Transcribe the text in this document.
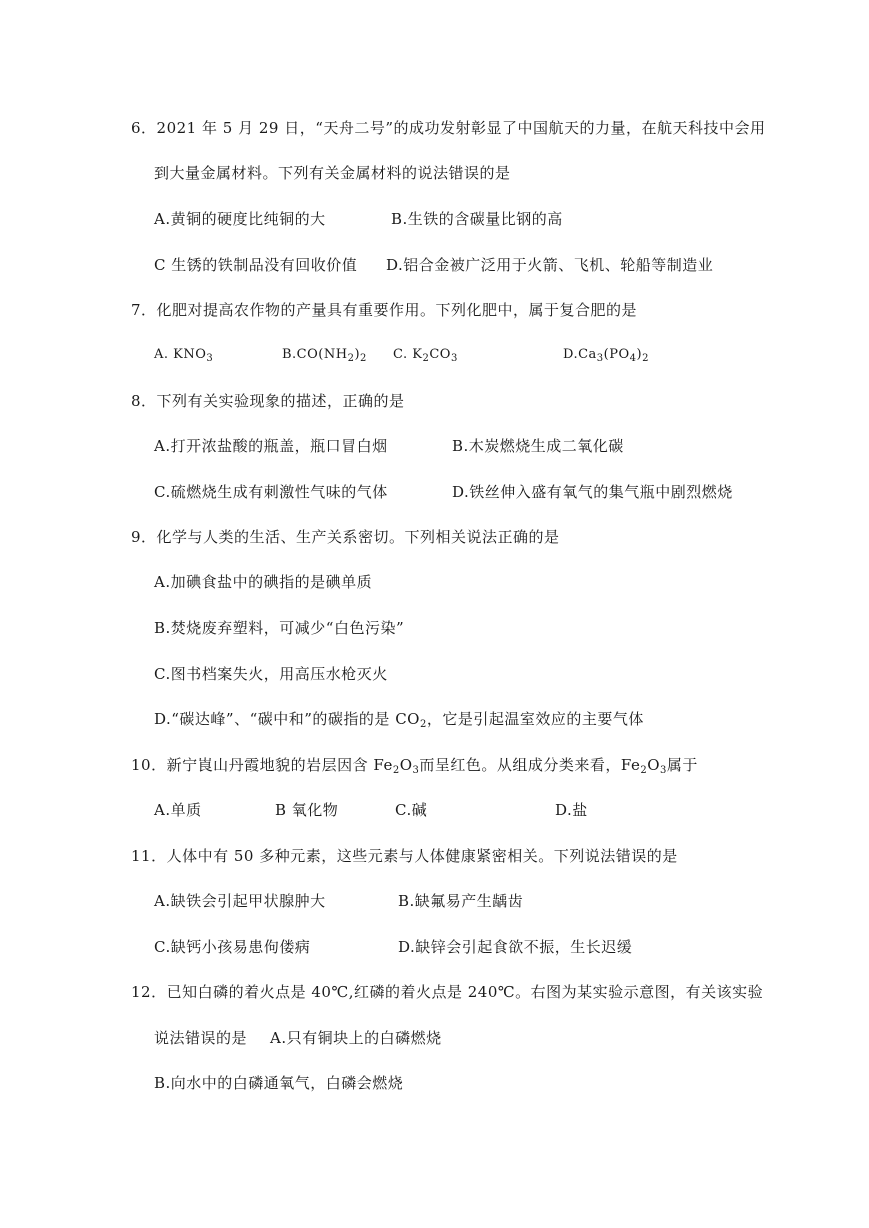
6．2021 年 5 月 29 日，“天舟二号”的成功发射彰显了中国航天的力量，在航天科技中会用
到大量金属材料。下列有关金属材料的说法错误的是
A.黄铜的硬度比纯铜的大	B.生铁的含碳量比钢的高
C 生锈的铁制品没有回收价值 D.铝合金被广泛用于火箭、飞机、轮船等制造业
7．化肥对提高农作物的产量具有重要作用。下列化肥中，属于复合肥的是
A. $KNO_3$	$B.CO(NH_2)_2$ C. $K_2CO_3$	$D.Ca_3(PO_4)_2$
8．下列有关实验现象的描述，正确的是
A.打开浓盐酸的瓶盖，瓶口冒白烟	B.木炭燃烧生成二氧化碳
C.硫燃烧生成有刺激性气味的气体	D.铁丝伸入盛有氧气的集气瓶中剧烈燃烧
9．化学与人类的生活、生产关系密切。下列相关说法正确的是
A.加碘食盐中的碘指的是碘单质
B.焚烧废弃塑料，可减少“白色污染”
C.图书档案失火，用高压水枪灭火
D.“碳达峰”、“碳中和”的碳指的是 $CO_2$，它是引起温室效应的主要气体
10．新宁崀山丹霞地貌的岩层因含 $Fe_2O_3$而呈红色。从组成分类来看，$Fe_2O_3$属于
A.单质	B 氧化物	C.碱	D.盐
11．人体中有 50 多种元素，这些元素与人体健康紧密相关。下列说法错误的是
A.缺铁会引起甲状腺肿大	B.缺氟易产生龋齿
C.缺钙小孩易患佝偻病	D.缺锌会引起食欲不振，生长迟缓
12．已知白磷的着火点是 40℃,红磷的着火点是 240℃。右图为某实验示意图，有关该实验
说法错误的是 A.只有铜块上的白磷燃烧
B.向水中的白磷通氧气，白磷会燃烧
